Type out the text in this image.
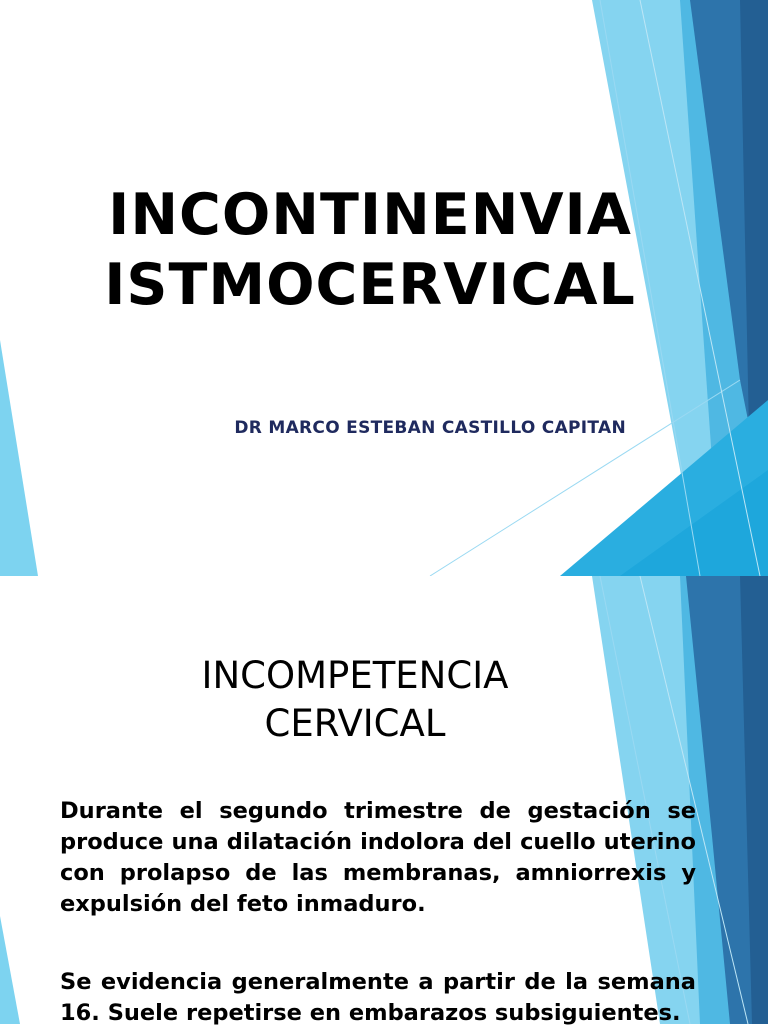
INCONTINENVIA
ISTMOCERVICAL

DR MARCO ESTEBAN CASTILLO CAPITAN

INCOMPETENCIA
CERVICAL

Durante el segundo trimestre de gestación se produce una dilatación indolora del cuello uterino con prolapso de las membranas, amniorrexis y expulsión del feto inmaduro.

Se evidencia generalmente a partir de la semana 16. Suele repetirse en embarazos subsiguientes.
